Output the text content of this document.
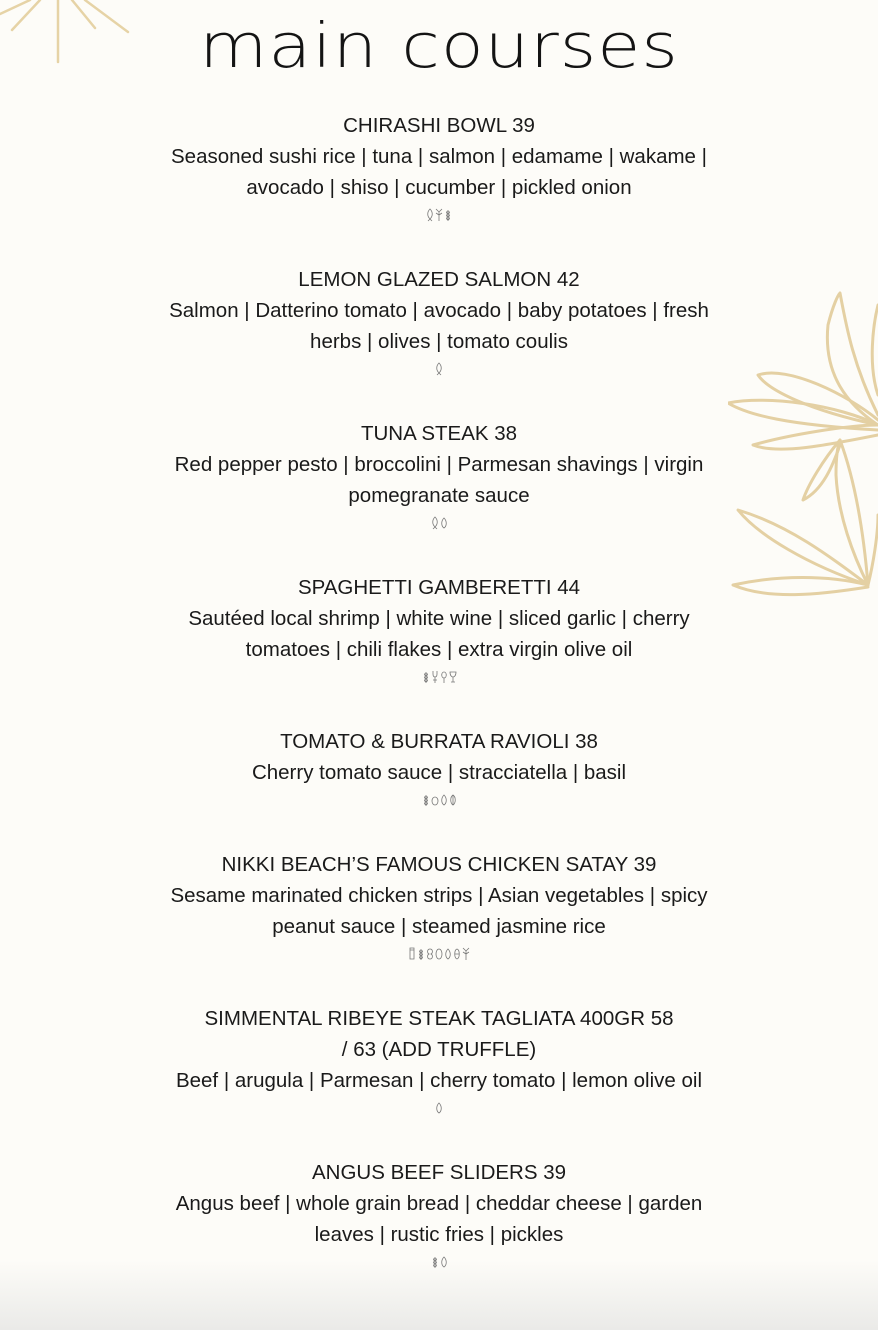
main courses
CHIRASHI BOWL 39
Seasoned sushi rice | tuna | salmon | edamame | wakame | avocado | shiso | cucumber | pickled onion
LEMON GLAZED SALMON 42
Salmon | Datterino tomato | avocado | baby potatoes | fresh herbs | olives | tomato coulis
TUNA STEAK 38
Red pepper pesto | broccolini | Parmesan shavings | virgin pomegranate sauce
SPAGHETTI GAMBERETTI 44
Sautéed local shrimp | white wine | sliced garlic | cherry tomatoes | chili flakes | extra virgin olive oil
TOMATO & BURRATA RAVIOLI 38
Cherry tomato sauce | stracciatella | basil
NIKKI BEACH’S FAMOUS CHICKEN SATAY 39
Sesame marinated chicken strips | Asian vegetables | spicy peanut sauce | steamed jasmine rice
SIMMENTAL RIBEYE STEAK TAGLIATA 400GR 58 / 63 (ADD TRUFFLE)
Beef | arugula | Parmesan | cherry tomato | lemon olive oil
ANGUS BEEF SLIDERS 39
Angus beef | whole grain bread | cheddar cheese | garden leaves | rustic fries | pickles
